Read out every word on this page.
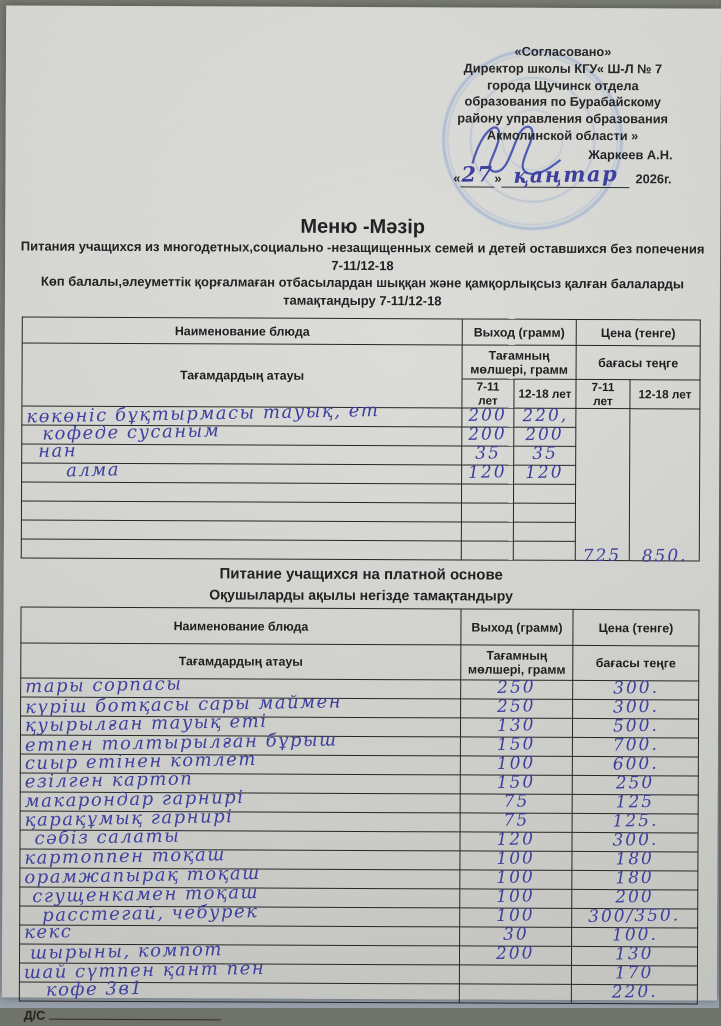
«Согласовано»
Директор школы КГУ« Ш-Л № 7
города Щучинск отдела
образования по Бурабайскому
району управления образования
Акмолинской области »
Жаркеев А.Н.
«27» қаңтар 2026г.
Меню -Мәзір
Питания учащихся из многодетных,социально -незащищенных семей и детей оставшихся без попечения
7-11/12-18
Көп балалы,әлеуметтік қорғалмаған отбасылардан шыққан және қамқорлықсыз қалған балаларды
тамақтандыру 7-11/12-18
Наименование блюда	Выход (грамм)		Цена (тенге)	
Тағамдардың атауы	Тағамның мөлшері, грамм		бағасы теңге	
	7-11 лет	12-18 лет	7-11 лет	12-18 лет
көкөніс бұқтырмасы тауық, ет	200	220,		
кофеде сусаным	200	200		
нан	35	35		
алма	120	120		

			725	850.
Питание учащихся на платной основе
Оқушыларды ақылы негізде тамақтандыру
Наименование блюда	Выход (грамм)	Цена (тенге)
Тағамдардың атауы	Тағамның мөлшері, грамм	бағасы теңге
тары сорпасы	250	300.
күріш ботқасы сары маймен	250	300.
қуырылған тауық еті	130	500.
етпен толтырылған бұрыш	150	700.
сиыр етінен котлет	100	600.
езілген картоп	150	250
макарондар гарнирі	75	125
қарақұмық гарнирі	75	125.
сәбіз салаты	120	300.
картоппен тоқаш	100	180
орамжапырақ тоқаш	100	180
сгущенкамен тоқаш	100	200
расстегай, чебурек	100	300/350.
кекс	30	100.
шырыны, компот	200	130
шай сүтпен қант пен		170
кофе 3в1		220.
Д/С
